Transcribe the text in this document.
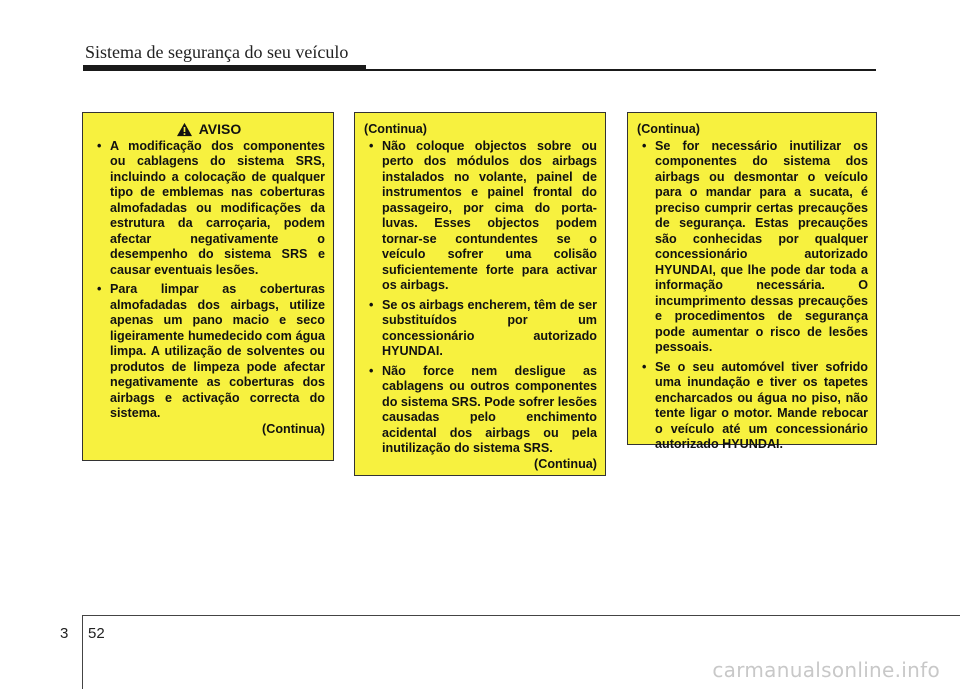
Sistema de segurança do seu veículo
AVISO
• A modificação dos componentes ou cablagens do sistema SRS, incluindo a colocação de qualquer tipo de emblemas nas coberturas almofadadas ou modificações da estrutura da carroçaria, podem afectar negativamente o desempenho do sistema SRS e causar eventuais lesões.
• Para limpar as coberturas almofadadas dos airbags, utilize apenas um pano macio e seco ligeiramente humedecido com água limpa. A utilização de solventes ou produtos de limpeza pode afectar negativamente as coberturas dos airbags e activação correcta do sistema.
(Continua)
(Continua)
• Não coloque objectos sobre ou perto dos módulos dos airbags instalados no volante, painel de instrumentos e painel frontal do passageiro, por cima do porta-luvas. Esses objectos podem tornar-se contundentes se o veículo sofrer uma colisão suficientemente forte para activar os airbags.
• Se os airbags encherem, têm de ser substituídos por um concessionário autorizado HYUNDAI.
• Não force nem desligue as cablagens ou outros componentes do sistema SRS. Pode sofrer lesões causadas pelo enchimento acidental dos airbags ou pela inutilização do sistema SRS.
(Continua)
(Continua)
• Se for necessário inutilizar os componentes do sistema dos airbags ou desmontar o veículo para o mandar para a sucata, é preciso cumprir certas precauções de segurança. Estas precauções são conhecidas por qualquer concessionário autorizado HYUNDAI, que lhe pode dar toda a informação necessária. O incumprimento dessas precauções e procedimentos de segurança pode aumentar o risco de lesões pessoais.
• Se o seu automóvel tiver sofrido uma inundação e tiver os tapetes encharcados ou água no piso, não tente ligar o motor. Mande rebocar o veículo até um concessionário autorizado HYUNDAI.
3 52
carmanualsonline.info
